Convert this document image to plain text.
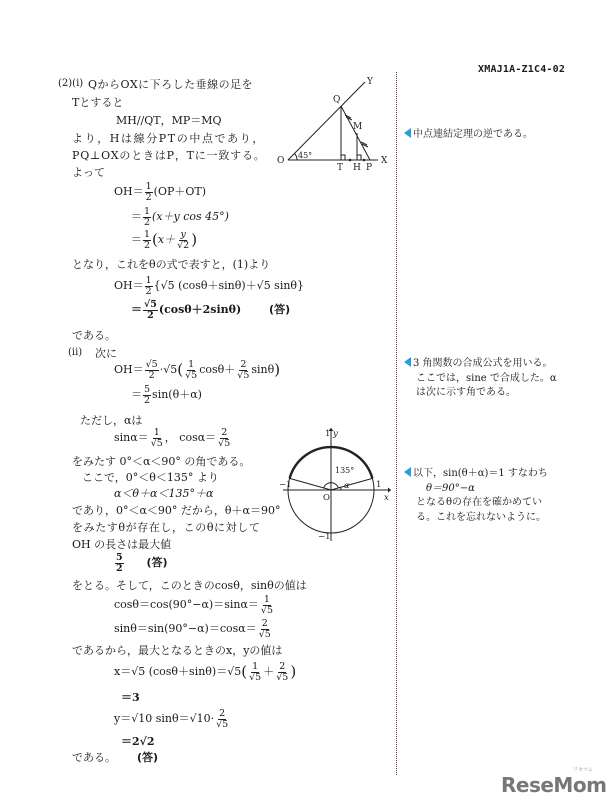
XMAJ1A-Z1C4-02
(2)(i) QからOXに下ろした垂線の足を
Tとすると
MH//QT，MP＝MQ
より，Hは線分PTの中点であり，
PQ⊥OXのときはP，Tに一致する。
よって
$OH= \frac{1}{2} (OP+OT)$
＝ $\frac{1}{2} (x+y$ cos 45°)
＝ $\frac{1}{2} (x+ \frac{y}{√2}$ )
となり，これをθの式で表すと，(1)より
$OH= \frac{1}{2} \{√5$ (cosθ＋sinθ)＋√5 sinθ}
＝ $\frac{√5}{2} (\cos\theta+2\sin\theta)$	(答)
である。
O	X
Y
Q
M
T H P
45°
(ii) 次に
$OH= \frac{√5}{2} \cdot√5( \frac{1}{√5} \cos\theta+ \frac{2}{√5} \sin\theta)$
＝ $\frac{5}{2} \sin(\theta+\alpha)$
ただし，αは
$\sin\alpha= \frac{1}{√5}$ ， $\cos\alpha= \frac{2}{√5}$
をみたす 0°＜α＜90° の角である。
ここで，0°＜θ＜135° より
α＜θ＋α＜135°＋α
であり，0°＜α＜90° だから，θ＋α＝90°
をみたすθが存在し，このθに対して
OH の長さは最大値
$\frac{5}{2}$ (答)
をとる。そして，このときのcosθ，sinθの値は
$\cos\theta=\cos(90^\circ-\alpha)=\sin\alpha= \frac{1}{√5}$
$\sin\theta=\sin(90^\circ-\alpha)=\cos\alpha= \frac{2}{√5}$
であるから，最大となるときのx，yの値は
x＝√5 $(\cos\theta+\sin\theta)=√5( \frac{1}{√5} + \frac{2}{√5}$ )
＝3
y＝√10 $\sin\theta=√10\cdot \frac{2}{√5}$
＝2√2
である。 (答)
y
1
x
1
−1
O
−1
135°
α
中点連結定理の逆である。
3 角関数の合成公式を用いる。
ここでは，sine で合成した。α
は次に示す角である。
以下，sin(θ＋α)＝1 すなわち
θ＝90°−α
となるθの存在を確かめてい
る。これを忘れないように。
ReseMom
リセマム
